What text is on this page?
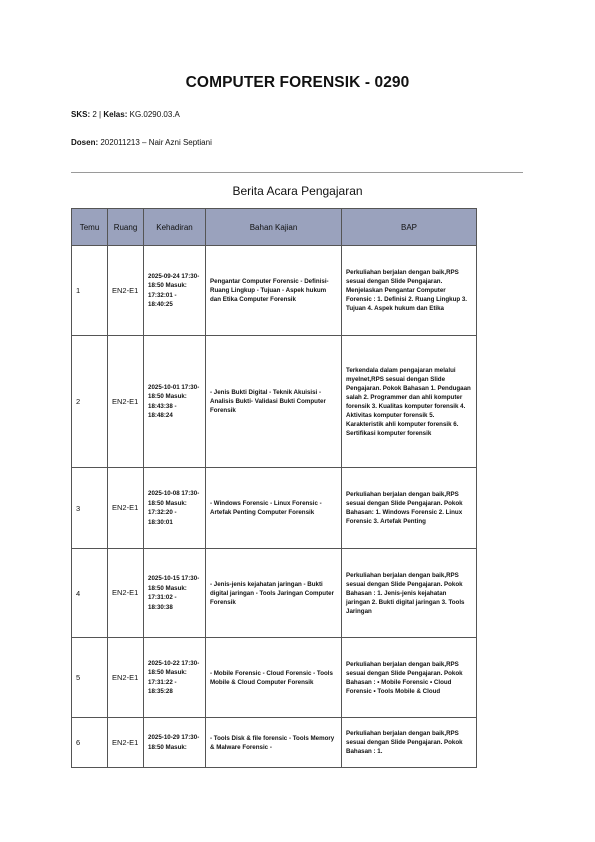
COMPUTER FORENSIK - 0290
SKS: 2 | Kelas: KG.0290.03.A
Dosen: 202011213 – Nair Azni Septiani
Berita Acara Pengajaran
Temu	Ruang	Kehadiran	Bahan Kajian	BAP
1	EN2-E1	2025-09-24 17:30-18:50 Masuk: 17:32:01 - 18:40:25	Pengantar Computer Forensic - Definisi- Ruang Lingkup - Tujuan - Aspek hukum dan Etika Computer Forensik	Perkuliahan berjalan dengan baik,RPS sesuai dengan Slide Pengajaran. Menjelaskan Pengantar Computer Forensic : 1. Definisi 2. Ruang Lingkup 3. Tujuan 4. Aspek hukum dan Etika
2	EN2-E1	2025-10-01 17:30-18:50 Masuk: 18:43:38 - 18:48:24	- Jenis Bukti Digital - Teknik Akuisisi - Analisis Bukti- Validasi Bukti Computer Forensik	Terkendala dalam pengajaran melalui myelnet,RPS sesuai dengan Slide Pengajaran. Pokok Bahasan 1. Pendugaan salah 2. Programmer dan ahli komputer forensik 3. Kualitas komputer forensik 4. Aktivitas komputer forensik 5. Karakteristik ahli komputer forensik 6. Sertifikasi komputer forensik
3	EN2-E1	2025-10-08 17:30-18:50 Masuk: 17:32:20 - 18:30:01	- Windows Forensic - Linux Forensic - Artefak Penting Computer Forensik	Perkuliahan berjalan dengan baik,RPS sesuai dengan Slide Pengajaran. Pokok Bahasan: 1. Windows Forensic 2. Linux Forensic 3. Artefak Penting
4	EN2-E1	2025-10-15 17:30-18:50 Masuk: 17:31:02 - 18:30:38	- Jenis-jenis kejahatan jaringan - Bukti digital jaringan - Tools Jaringan Computer Forensik	Perkuliahan berjalan dengan baik,RPS sesuai dengan Slide Pengajaran. Pokok Bahasan : 1. Jenis-jenis kejahatan jaringan 2. Bukti digital jaringan 3. Tools Jaringan
5	EN2-E1	2025-10-22 17:30-18:50 Masuk: 17:31:22 - 18:35:28	- Mobile Forensic - Cloud Forensic - Tools Mobile & Cloud Computer Forensik	Perkuliahan berjalan dengan baik,RPS sesuai dengan Slide Pengajaran. Pokok Bahasan : • Mobile Forensic • Cloud Forensic • Tools Mobile & Cloud
6	EN2-E1	2025-10-29 17:30-18:50 Masuk:	- Tools Disk & file forensic - Tools Memory & Malware Forensic -	Perkuliahan berjalan dengan baik,RPS sesuai dengan Slide Pengajaran. Pokok Bahasan : 1.
